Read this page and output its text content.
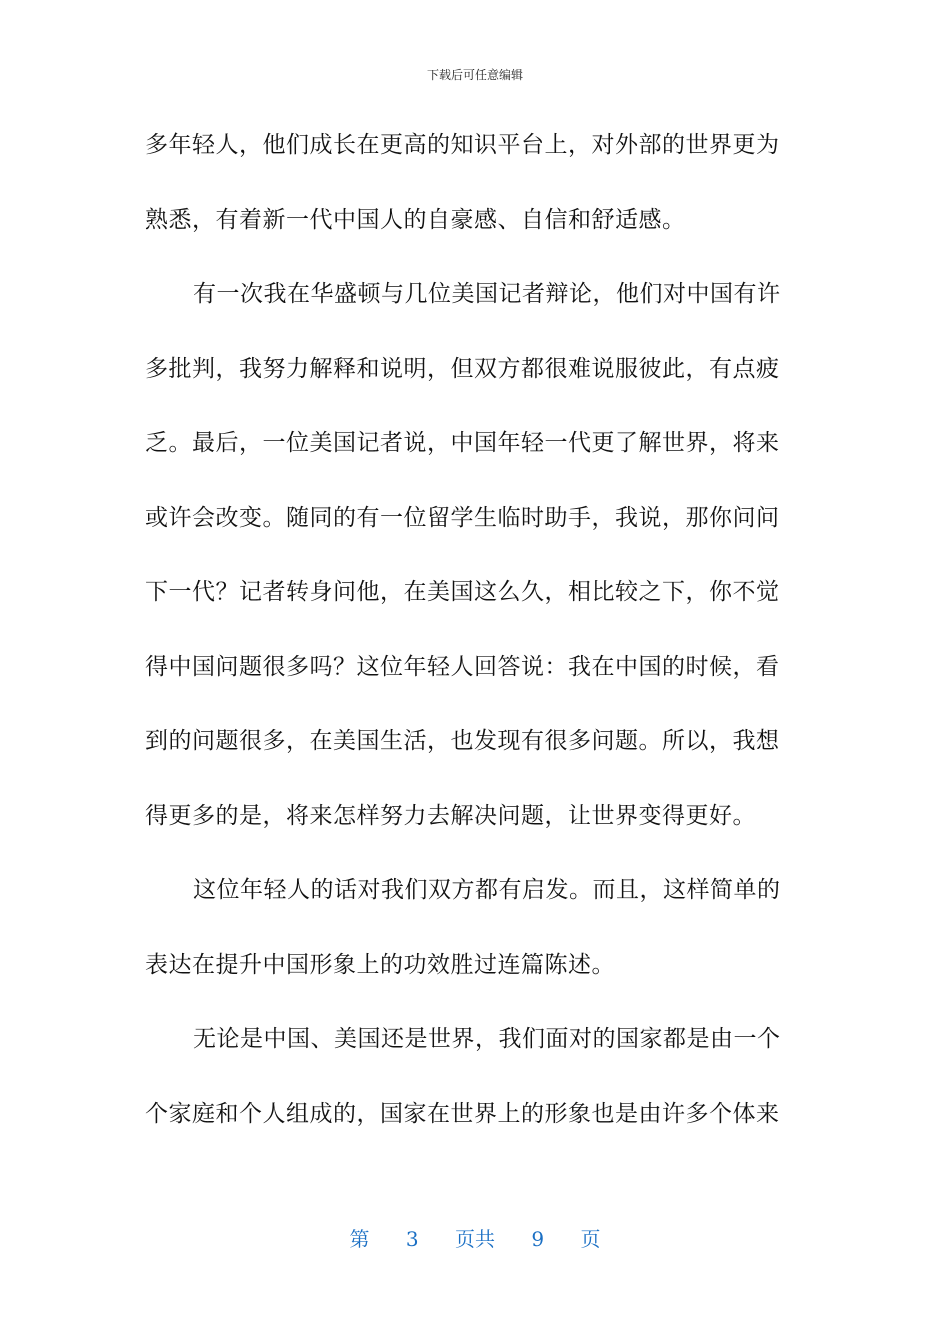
下载后可任意编辑
多年轻人，他们成长在更高的知识平台上，对外部的世界更为
熟悉，有着新一代中国人的自豪感、自信和舒适感。
有一次我在华盛顿与几位美国记者辩论，他们对中国有许
多批判，我努力解释和说明，但双方都很难说服彼此，有点疲
乏。最后，一位美国记者说，中国年轻一代更了解世界，将来
或许会改变。随同的有一位留学生临时助手，我说，那你问问
下一代？记者转身问他，在美国这么久，相比较之下，你不觉
得中国问题很多吗？这位年轻人回答说：我在中国的时候，看
到的问题很多，在美国生活，也发现有很多问题。所以，我想
得更多的是，将来怎样努力去解决问题，让世界变得更好。
这位年轻人的话对我们双方都有启发。而且，这样简单的
表达在提升中国形象上的功效胜过连篇陈述。
无论是中国、美国还是世界，我们面对的国家都是由一个
个家庭和个人组成的，国家在世界上的形象也是由许多个体来
第 3 页共 9 页
